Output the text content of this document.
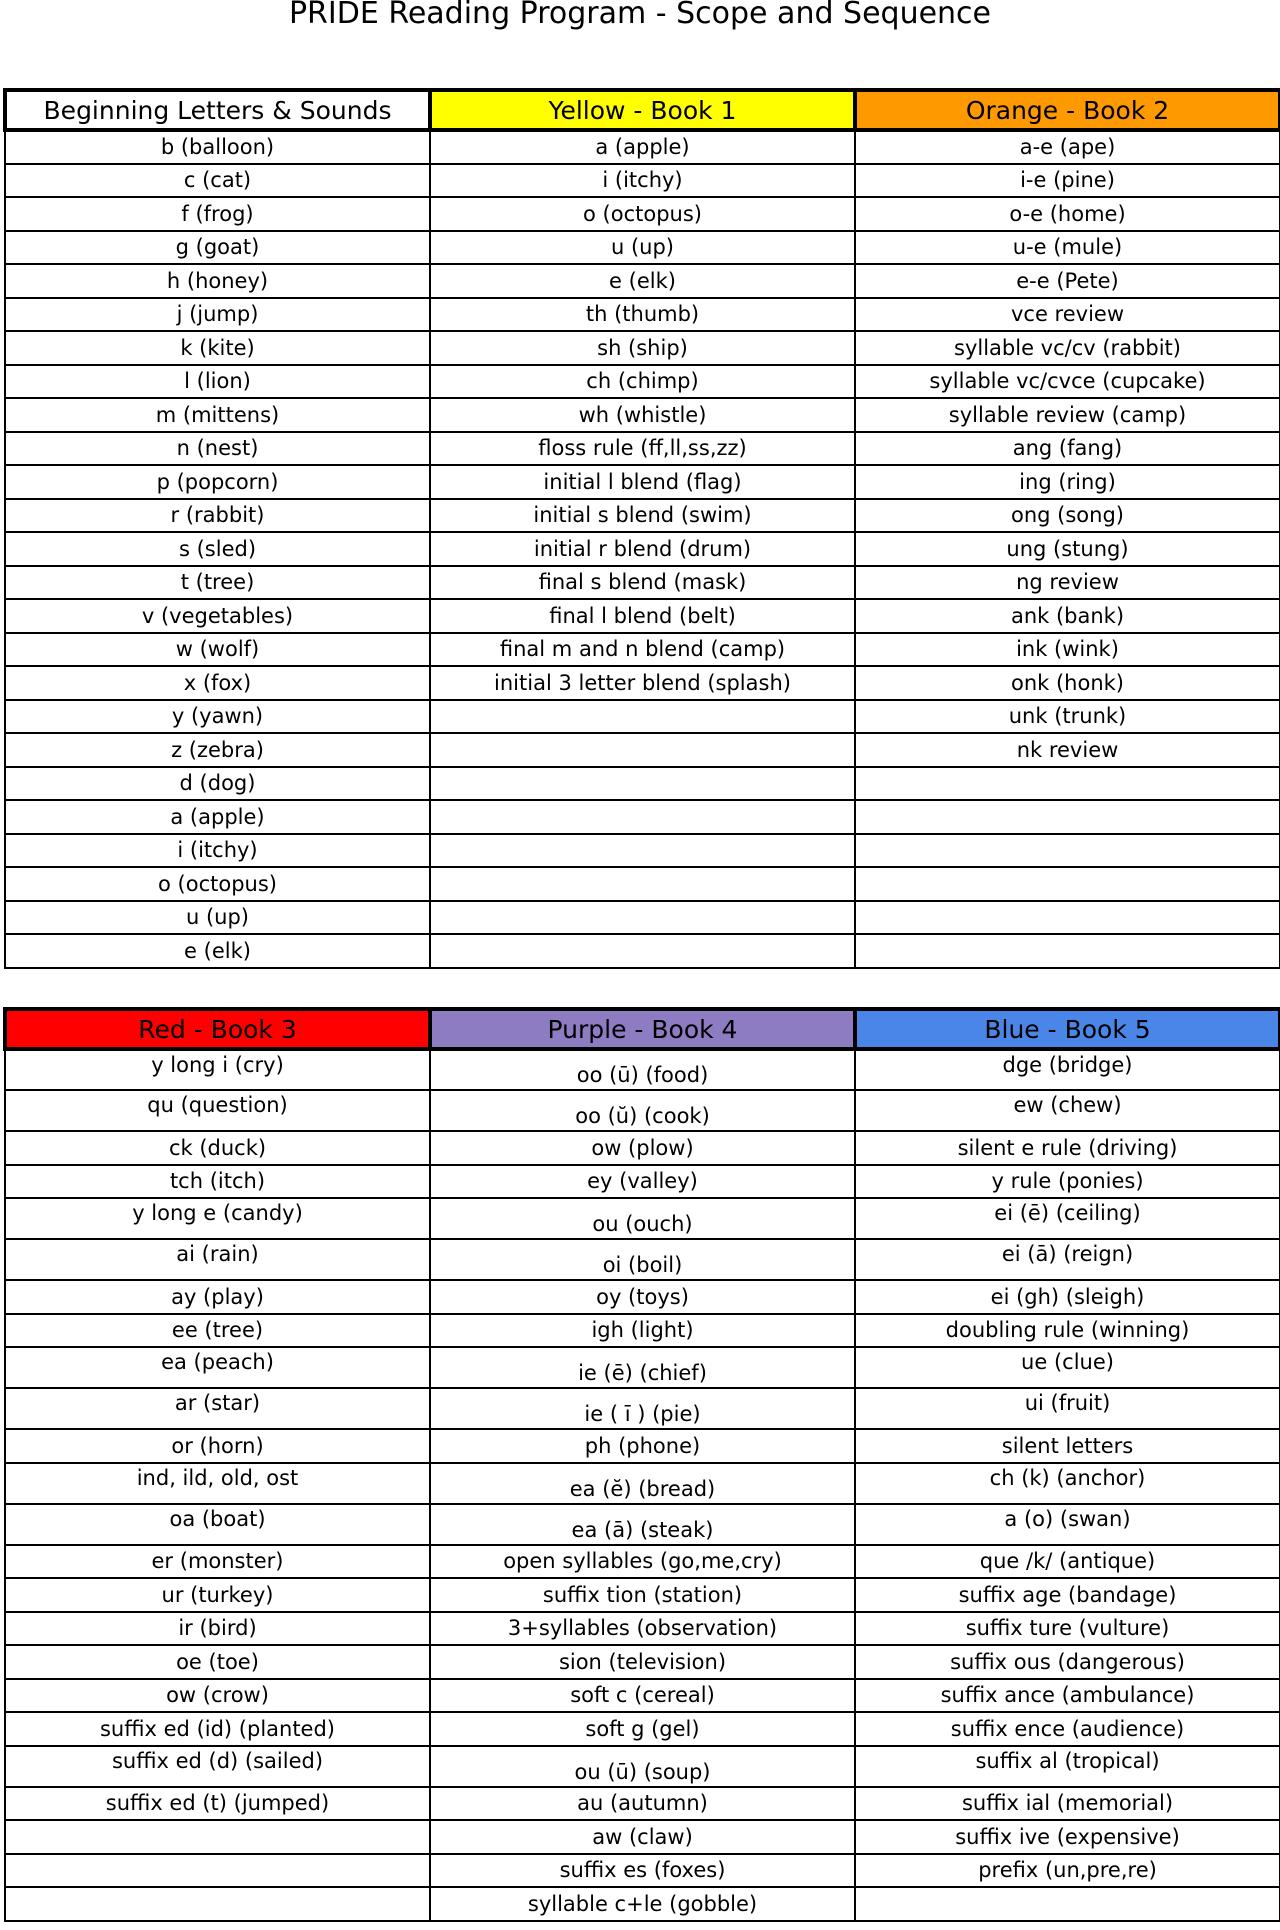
PRIDE Reading Program - Scope and Sequence
Beginning Letters & Sounds	Yellow - Book 1	Orange - Book 2
b (balloon)	a (apple)	a-e (ape)
c (cat)	i (itchy)	i-e (pine)
f (frog)	o (octopus)	o-e (home)
g (goat)	u (up)	u-e (mule)
h (honey)	e (elk)	e-e (Pete)
j (jump)	th (thumb)	vce review
k (kite)	sh (ship)	syllable vc/cv (rabbit)
l (lion)	ch (chimp)	syllable vc/cvce (cupcake)
m (mittens)	wh (whistle)	syllable review (camp)
n (nest)	floss rule (ff,ll,ss,zz)	ang (fang)
p (popcorn)	initial l blend (flag)	ing (ring)
r (rabbit)	initial s blend (swim)	ong (song)
s (sled)	initial r blend (drum)	ung (stung)
t (tree)	final s blend (mask)	ng review
v (vegetables)	final l blend (belt)	ank (bank)
w (wolf)	final m and n blend (camp)	ink (wink)
x (fox)	initial 3 letter blend (splash)	onk (honk)
y (yawn)		unk (trunk)
z (zebra)		nk review
d (dog)		
a (apple)		
i (itchy)		
o (octopus)		
u (up)		
e (elk)		
Red - Book 3	Purple - Book 4	Blue - Book 5
y long i (cry)	oo (ū) (food)	dge (bridge)
qu (question)	oo (ŭ) (cook)	ew (chew)
ck (duck)	ow (plow)	silent e rule (driving)
tch (itch)	ey (valley)	y rule (ponies)
y long e (candy)	ou (ouch)	ei (ē) (ceiling)
ai (rain)	oi (boil)	ei (ā) (reign)
ay (play)	oy (toys)	ei (gh) (sleigh)
ee (tree)	igh (light)	doubling rule (winning)
ea (peach)	ie (ē) (chief)	ue (clue)
ar (star)	ie ( ī ) (pie)	ui (fruit)
or (horn)	ph (phone)	silent letters
ind, ild, old, ost	ea (ĕ) (bread)	ch (k) (anchor)
oa (boat)	ea (ā) (steak)	a (o) (swan)
er (monster)	open syllables (go,me,cry)	que /k/ (antique)
ur (turkey)	suffix tion (station)	suffix age (bandage)
ir (bird)	3+syllables (observation)	suffix ture (vulture)
oe (toe)	sion (television)	suffix ous (dangerous)
ow (crow)	soft c (cereal)	suffix ance (ambulance)
suffix ed (id) (planted)	soft g (gel)	suffix ence (audience)
suffix ed (d) (sailed)	ou (ū) (soup)	suffix al (tropical)
suffix ed (t) (jumped)	au (autumn)	suffix ial (memorial)
	aw (claw)	suffix ive (expensive)
	suffix es (foxes)	prefix (un,pre,re)
	syllable c+le (gobble)	
